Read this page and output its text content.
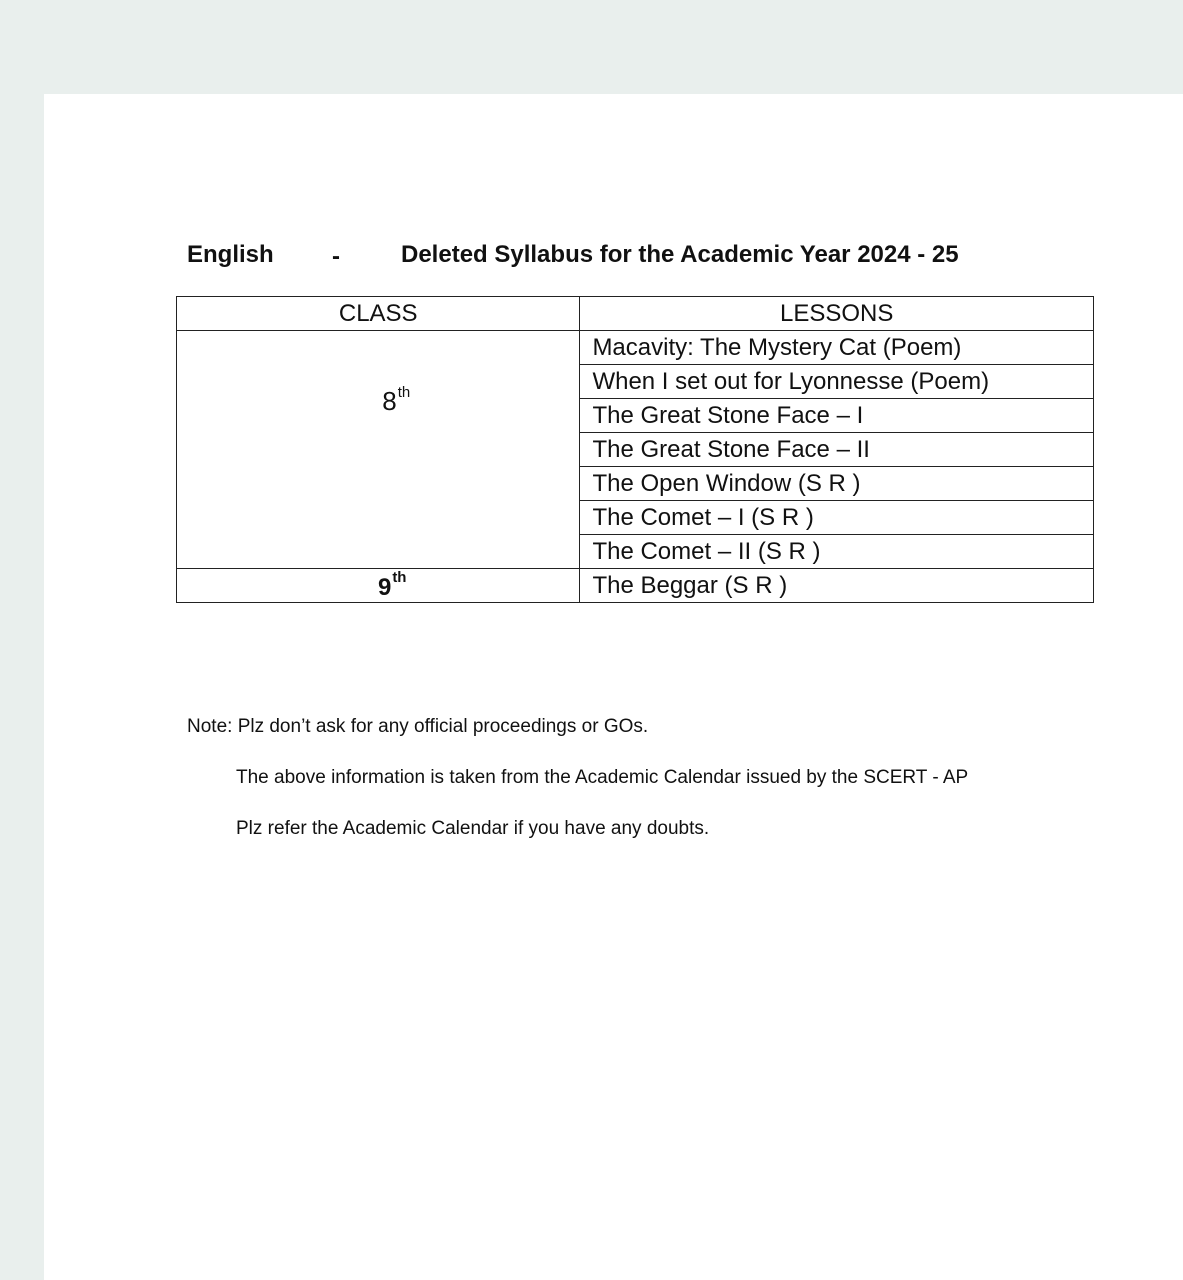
English -	Deleted Syllabus for the Academic Year 2024 - 25
CLASS	LESSONS
8th	Macavity: The Mystery Cat (Poem)
	When I set out for Lyonnesse (Poem)
	The Great Stone Face – I
	The Great Stone Face – II
	The Open Window (S R )
	The Comet – I (S R )
	The Comet – II (S R )
9th	The Beggar (S R )
Note: Plz don’t ask for any official proceedings or GOs.
The above information is taken from the Academic Calendar issued by the SCERT - AP
Plz refer the Academic Calendar if you have any doubts.
